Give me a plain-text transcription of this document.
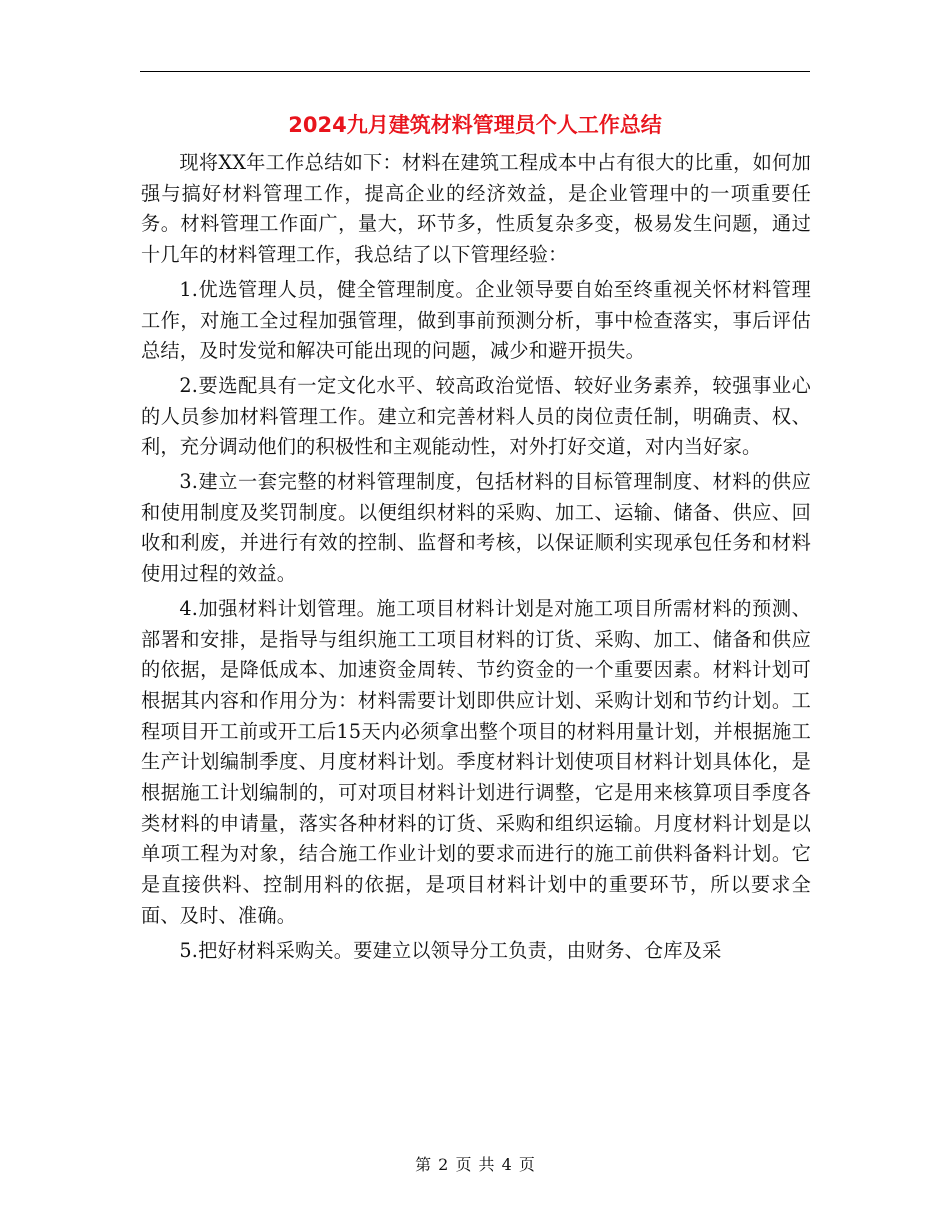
2024九月建筑材料管理员个人工作总结

现将XX年工作总结如下：材料在建筑工程成本中占有很大的比重，如何加强与搞好材料管理工作，提高企业的经济效益，是企业管理中的一项重要任务。材料管理工作面广，量大，环节多，性质复杂多变，极易发生问题，通过十几年的材料管理工作，我总结了以下管理经验：

1.优选管理人员，健全管理制度。企业领导要自始至终重视关怀材料管理工作，对施工全过程加强管理，做到事前预测分析，事中检查落实，事后评估总结，及时发觉和解决可能出现的问题，减少和避开损失。

2.要选配具有一定文化水平、较高政治觉悟、较好业务素养，较强事业心的人员参加材料管理工作。建立和完善材料人员的岗位责任制，明确责、权、利，充分调动他们的积极性和主观能动性，对外打好交道，对内当好家。

3.建立一套完整的材料管理制度，包括材料的目标管理制度、材料的供应和使用制度及奖罚制度。以便组织材料的采购、加工、运输、储备、供应、回收和利废，并进行有效的控制、监督和考核，以保证顺利实现承包任务和材料使用过程的效益。

4.加强材料计划管理。施工项目材料计划是对施工项目所需材料的预测、部署和安排，是指导与组织施工工项目材料的订货、采购、加工、储备和供应的依据，是降低成本、加速资金周转、节约资金的一个重要因素。材料计划可根据其内容和作用分为：材料需要计划即供应计划、采购计划和节约计划。工程项目开工前或开工后15天内必须拿出整个项目的材料用量计划，并根据施工生产计划编制季度、月度材料计划。季度材料计划使项目材料计划具体化，是根据施工计划编制的，可对项目材料计划进行调整，它是用来核算项目季度各类材料的申请量，落实各种材料的订货、采购和组织运输。月度材料计划是以单项工程为对象，结合施工作业计划的要求而进行的施工前供料备料计划。它是直接供料、控制用料的依据，是项目材料计划中的重要环节，所以要求全面、及时、准确。

5.把好材料采购关。要建立以领导分工负责，由财务、仓库及采

第 2 页 共 4 页
